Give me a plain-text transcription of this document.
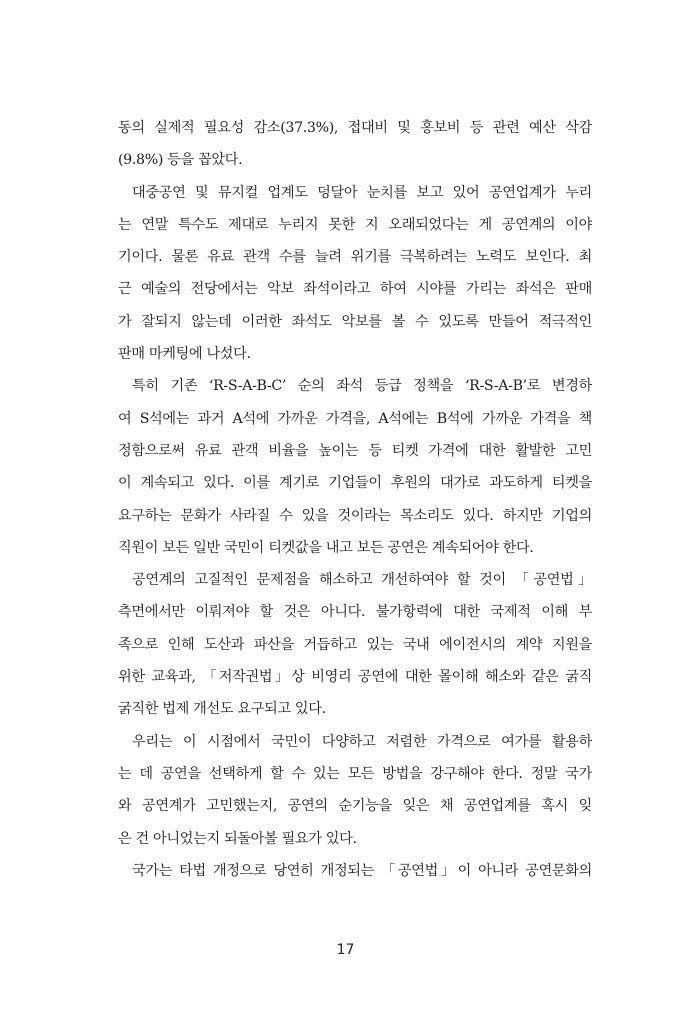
동의 실제적 필요성 감소(37.3%), 접대비 및 홍보비 등 관련 예산 삭감
(9.8%) 등을 꼽았다.
대중공연 및 뮤지컬 업계도 덩달아 눈치를 보고 있어 공연업계가 누리
는 연말 특수도 제대로 누리지 못한 지 오래되었다는 게 공연계의 이야
기이다. 물론 유료 관객 수를 늘려 위기를 극복하려는 노력도 보인다. 최
근 예술의 전당에서는 악보 좌석이라고 하여 시야를 가리는 좌석은 판매
가 잘되지 않는데 이러한 좌석도 악보를 볼 수 있도록 만들어 적극적인
판매 마케팅에 나섰다.
특히 기존 ‘R-S-A-B-C’ 순의 좌석 등급 정책을 ‘R-S-A-B’로 변경하
여 S석에는 과거 A석에 가까운 가격을, A석에는 B석에 가까운 가격을 책
정함으로써 유료 관객 비율을 높이는 등 티켓 가격에 대한 활발한 고민
이 계속되고 있다. 이를 계기로 기업들이 후원의 대가로 과도하게 티켓을
요구하는 문화가 사라질 수 있을 것이라는 목소리도 있다. 하지만 기업의
직원이 보든 일반 국민이 티켓값을 내고 보든 공연은 계속되어야 한다.
공연계의 고질적인 문제점을 해소하고 개선하여야 할 것이 「공연법」
측면에서만 이뤄져야 할 것은 아니다. 불가항력에 대한 국제적 이해 부
족으로 인해 도산과 파산을 거듭하고 있는 국내 에이전시의 계약 지원을
위한 교육과, 「저작권법」상 비영리 공연에 대한 몰이해 해소와 같은 굵직
굵직한 법제 개선도 요구되고 있다.
우리는 이 시점에서 국민이 다양하고 저렴한 가격으로 여가를 활용하
는 데 공연을 선택하게 할 수 있는 모든 방법을 강구해야 한다. 정말 국가
와 공연계가 고민했는지, 공연의 순기능을 잊은 채 공연업계를 혹시 잊
은 건 아니었는지 되돌아볼 필요가 있다.
국가는 타법 개정으로 당연히 개정되는 「공연법」이 아니라 공연문화의
17
